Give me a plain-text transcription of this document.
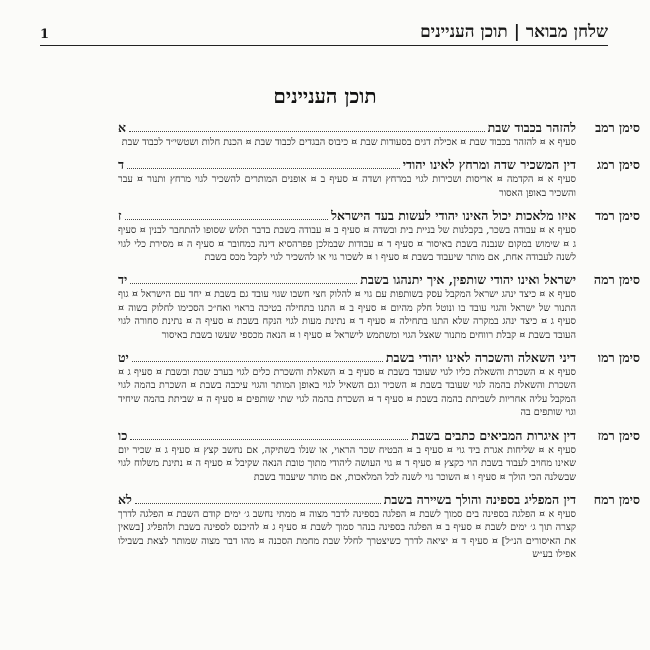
שלחן מבואר | תוכן העניינים
1
תוכן העניינים
סימן רמב
להזהר בכבוד שבת
א
סעיף א ¤ להזהר בכבוד שבת ¤ אכילת דגים בסעודות שבת ¤ כיבוס הבגדים לכבוד שבת ¤ הכנת חלות ושטשי״ד לכבוד שבת
סימן רמג
דין המשכיר שדה ומרחץ לאינו יהודי
ד
סעיף א ¤ הקדמה ¤ אריסות ושכירות לגוי במרחץ ושדה ¤ סעיף ב ¤ אופנים המותרים להשכיר לגוי מרחץ ותנור ¤ עבר והשכיר באופן האסור
סימן רמד
איזו מלאכות יכול האינו יהודי לעשות בעד הישראל
ז
סעיף א ¤ עבודה בשכר, בקבלנות של בניית בית ובשדה ¤ סעיף ב ¤ עבודה בשבת בדבר תלוש שסופו להתחבר לבנין ¤ סעיף ג ¤ שימוש במקום שנבנה בשבת באיסור ¤ סעיף ד ¤ עבודות שבמלכן פפרהסיא דינה כמחובר ¤ סעיף ה ¤ מסירת כלי לגוי לשנה לעבודה אחת, אם מותר שיעבוד בשבת ¤ סעיף ו ¤ לשכור גוי או להשכיר לגוי לקבל מכס בשבת
סימן רמה
ישראל ואינו יהודי שותפין, איך יתנהגו בשבת
יד
סעיף א ¤ כיצד ינהג ישראל המקבל עסק בשותפות עם גוי ¤ להלוק חצי חשבו שגוי עובד גם בשבת ¤ יחד עם הישראל ¤ גוף התנור של ישראל והגוי עובד בו ונוטל חלק מהיום ¤ סעיף ב ¤ התנו בתחילה בטיכה בראוי ואח״כ הסכימו לחלוק בשוה ¤ סעיף ג ¤ כיצד ינהג במקרה שלא התנו בתחילה ¤ סעיף ד ¤ נתינת מעות לגוי הנקח בשבת ¤ סעיף ה ¤ נתינת סחורה לגוי העובד בשבת ¤ קבלת רווחים מתנור שאצל הגוי ומשתמש לישראל ¤ סעיף ו ¤ הנאה מכספי שעשו בשבת באיסור
סימן רמו
דיני השאלה והשכרה לאינו יהודי בשבת
יט
סעיף א ¤ השכרת והשאלת כליו לגוי שעובד בשבת ¤ סעיף ב ¤ השאלת והשכרת כלים לגוי בערב שבת ובשבת ¤ סעיף ג ¤ השכרת והשאלת בהמה לגוי שעובד בשבת ¤ השכיר וגם השאיל לגוי באופן המותר והגוי עיכבה בשבת ¤ השכרת בהמה לגוי המקבל עליה אחריות לשביתת בהמה בשבת ¤ סעיף ד ¤ השכרת בהמה לגוי שתי שותפים ¤ סעיף ה ¤ שביתת בהמה שיחיד וגוי שותפים בה
סימן רמז
דין איגרות המביאים כתבים בשבת
כו
סעיף א ¤ שליחות אגרת ביד גוי ¤ סעיף ב ¤ הבטיח שכר הראוי, או שנלו בשתיקה, אם נחשב קצץ ¤ סעיף ג ¤ שכיר יום שאינו מחויב לעבוד בשבת הוי כקצץ ¤ סעיף ד ¤ גוי העושה ליהודי מתוך טובת הנאה שקיבל ¤ סעיף ה ¤ נתינת משלוח לגוי שבשלנה הכי הולך ¤ סעיף ו ¤ השוכר גוי לשנה לכל המלאכות, אם מותר שיעבוד בשבת
סימן רמח
דין המפליג בספינה והולך בשיירה בשבת
לא
סעיף א ¤ הפלגה בספינה בים סמוך לשבת ¤ הפלגה בספינה לדבר מצוה ¤ ממתי נחשב ג׳ ימים קודם השבת ¤ הפלגה לדרך קצרה תוך ג׳ ימים לשבת ¤ סעיף ב ¤ הפלגה בספינה בנהר סמוך לשבת ¤ סעיף ג ¤ להיכנס לספינה בשבת ולהפליג [בשאין את האיסורים הנ״ל] ¤ סעיף ד ¤ יציאה לדרך כשיצטרך לחלל שבת מחמת הסכנה ¤ מהו דבר מצוה שמותר לצאת בשבילו אפילו בע״ש
